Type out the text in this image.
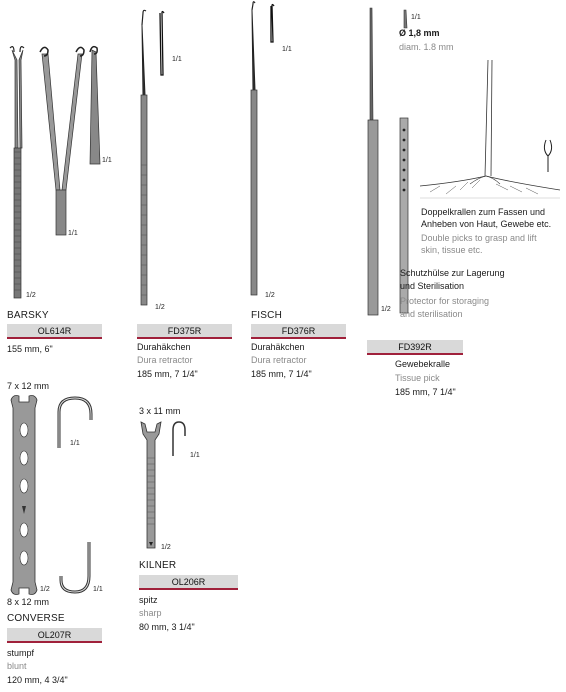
1/1
1/1
1/2
BARSKY
OL614R
155 mm, 6"
1/1
1/2
FD375R
Durahäkchen
Dura retractor
185 mm, 7 1/4"
1/1
1/2
FISCH
FD376R
Durahäkchen
Dura retractor
185 mm, 7 1/4"
1/1
1/2
Ø 1,8 mm
diam. 1.8 mm
Doppelkrallen zum Fassen und
Anheben von Haut, Gewebe etc.
Double picks to grasp and lift
skin, tissue etc.
Schutzhülse zur Lagerung
und Sterilisation
Protector for storaging
and sterilisation
FD392R
Gewebekralle
Tissue pick
185 mm, 7 1/4"
7 x 12 mm
1/1
1/1
1/2
8 x 12 mm
CONVERSE
OL207R
stumpf
blunt
120 mm, 4 3/4"
3 x 11 mm
1/1
1/2
KILNER
OL206R
spitz
sharp
80 mm, 3 1/4"
